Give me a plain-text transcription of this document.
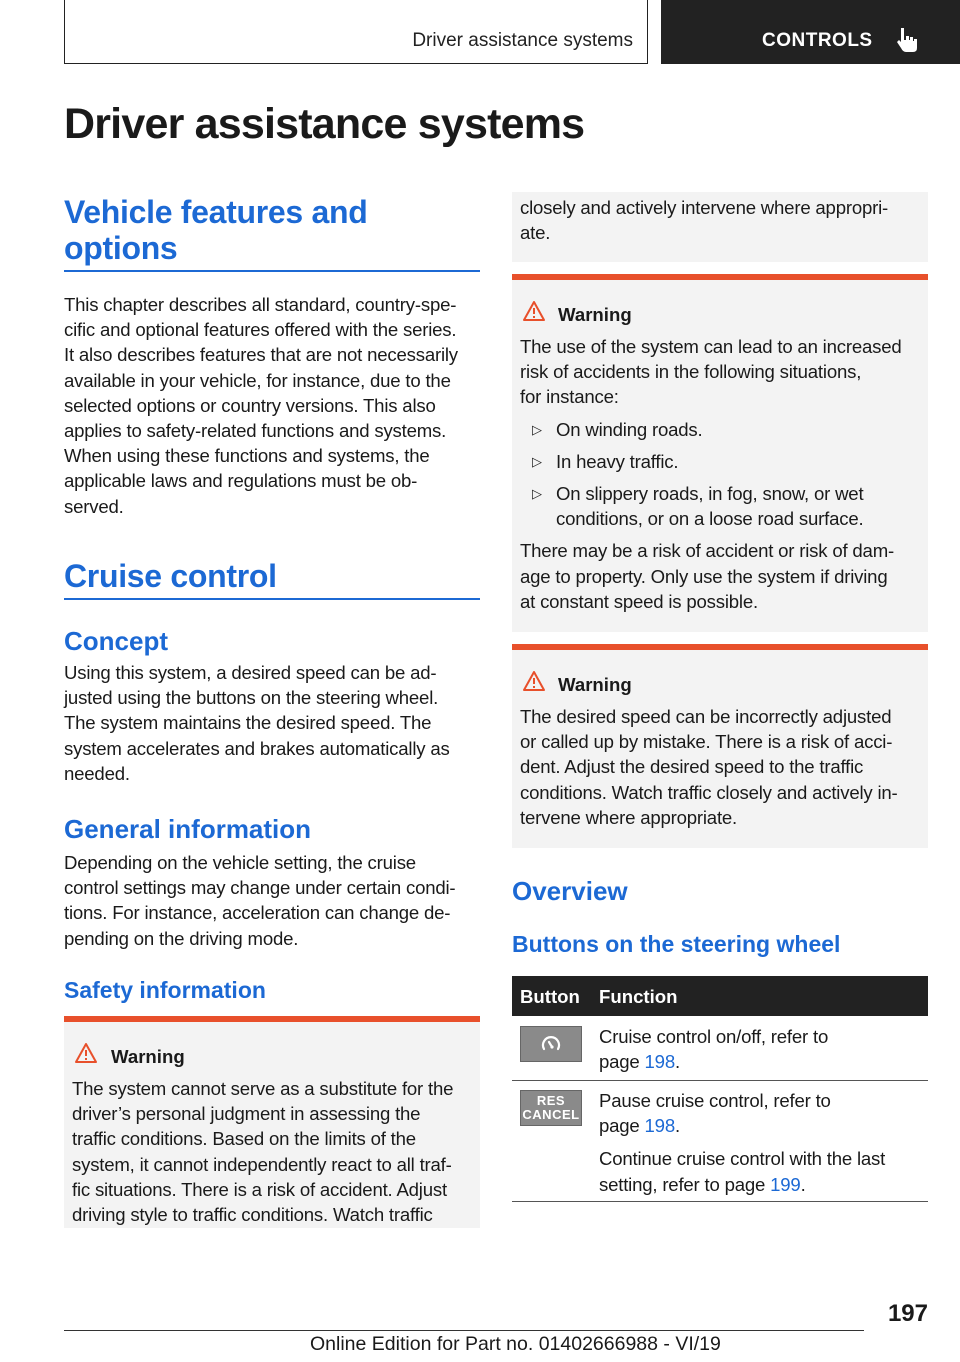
Driver assistance systems	CONTROLS
Driver assistance systems
Vehicle features and
options
This chapter describes all standard, country-spe-
cific and optional features offered with the series.
It also describes features that are not necessarily
available in your vehicle, for instance, due to the
selected options or country versions. This also
applies to safety-related functions and systems.
When using these functions and systems, the
applicable laws and regulations must be ob-
served.
Cruise control
Concept
Using this system, a desired speed can be ad-
justed using the buttons on the steering wheel.
The system maintains the desired speed. The
system accelerates and brakes automatically as
needed.
General information
Depending on the vehicle setting, the cruise
control settings may change under certain condi-
tions. For instance, acceleration can change de-
pending on the driving mode.
Safety information
Warning
The system cannot serve as a substitute for the
driver’s personal judgment in assessing the
traffic conditions. Based on the limits of the
system, it cannot independently react to all traf-
fic situations. There is a risk of accident. Adjust
driving style to traffic conditions. Watch traffic
closely and actively intervene where appropri-
ate.
Warning
The use of the system can lead to an increased
risk of accidents in the following situations,
for instance:
▷ On winding roads.
▷ In heavy traffic.
▷ On slippery roads, in fog, snow, or wet
conditions, or on a loose road surface.
There may be a risk of accident or risk of dam-
age to property. Only use the system if driving
at constant speed is possible.
Warning
The desired speed can be incorrectly adjusted
or called up by mistake. There is a risk of acci-
dent. Adjust the desired speed to the traffic
conditions. Watch traffic closely and actively in-
tervene where appropriate.
Overview
Buttons on the steering wheel
Button Function
Cruise control on/off, refer to
page 198.
RES
CANCEL
Pause cruise control, refer to
page 198.
Continue cruise control with the last
setting, refer to page 199.
197
Online Edition for Part no. 01402666988 - VI/19
